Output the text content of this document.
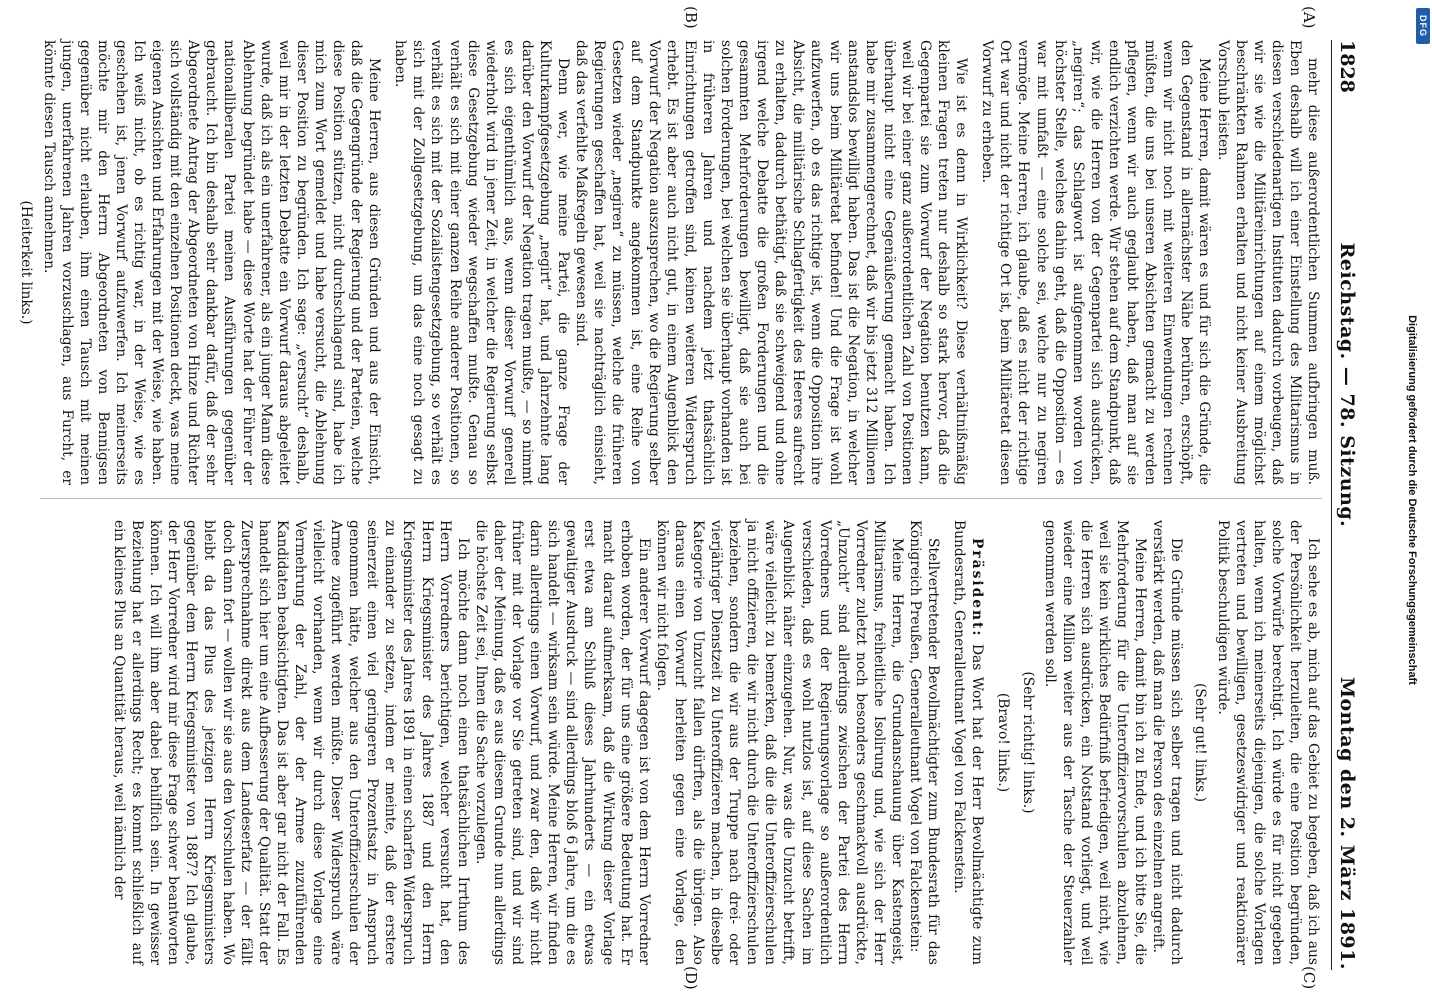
1828
Reichstag. — 78. Sitzung.
Montag den 2. März 1891.
(A)
(B)
(C)
(D)

mehr diese außerordentlichen Summen aufbringen muß. Eben deshalb will ich einer Einstellung des Militarismus in diesen verschiedenartigen Instituten dadurch vorbeugen, daß wir sie wie die Militäreinrichtungen auf einem möglichst beschränkten Rahmen erhalten und nicht keiner Ausbreitung Vorschub leisten.

Meine Herren, damit wären es und für sich die Gründe, die den Gegenstand in allernächster Nähe berühren, erschöpft, wenn wir nicht noch mit weiteren Einwendungen rechnen müßten, die uns bei unseren Absichten gemacht zu werden pflegen, wenn wir auch geglaubt haben, daß man auf sie endlich verzichten werde. Wir stehen auf dem Standpunkt, daß wir, wie die Herren von der Gegenpartei sich ausdrücken, „negiren“; das Schlagwort ist aufgenommen worden von höchster Stelle, welches dahin geht, daß die Opposition — es war mit umfaßt — eine solche sei, welche nur zu negiren vermöge. Meine Herren, ich glaube, daß es nicht der richtige Ort war und nicht der richtige Ort ist, beim Militäretat diesen Vorwurf zu erheben.

Wie ist es denn in Wirklichkeit? Diese verhältnißmäßig kleinen Fragen treten nur deshalb so stark hervor, daß die Gegenpartei sie zum Vorwurf der Negation benutzen kann, weil wir bei einer ganz außerordentlichen Zahl von Positionen überhaupt nicht eine Gegenäußerung gemacht haben. Ich habe mir zusammengerechnet, daß wir bis jetzt 312 Millionen anstandslos bewilligt haben. Das ist die Negation, in welcher wir uns beim Militäretat befinden! Und die Frage ist wohl aufzuwerfen, ob es das richtige ist, wenn die Opposition ihre Absicht, die militärische Schlagfertigkeit des Heeres aufrecht zu erhalten, dadurch bethätigt, daß sie schweigend und ohne irgend welche Debatte die großen Forderungen und die gesammten Mehrforderungen bewilligt, daß sie auch bei solchen Forderungen, bei welchen sie überhaupt vorhanden ist in früheren Jahren und nachdem jetzt thatsächlich Einrichtungen getroffen sind, keinen weiteren Widerspruch erhebt. Es ist aber auch nicht gut, in einem Augenblick den Vorwurf der Negation auszusprechen, wo die Regierung selber auf dem Standpunkte angekommen ist, eine Reihe von Gesetzen wieder „negiren“ zu müssen, welche die früheren Regierungen geschaffen hat, weil sie nachträglich einsieht, daß das verfehlte Maßregeln gewesen sind.

Denn wer, wie meine Partei, die ganze Frage der Kulturkampfgesetzgebung „negirt“ hat, und Jahrzehnte lang darüber den Vorwurf der Negation tragen mußte, — so nimmt es sich eigenthümlich aus, wenn dieser Vorwurf generell wiederholt wird in jener Zeit, in welcher die Regierung selbst diese Gesetzgebung wieder wegschaffen mußte. Genau so verhält es sich mit einer ganzen Reihe anderer Positionen, so verhält es sich mit der Sozialistengesetzgebung, so verhält es sich mit der Zollgesetzgebung, um das eine noch gesagt zu haben.

Meine Herren, aus diesen Gründen und aus der Einsicht, daß die Gegengründe der Regierung und der Parteien, welche diese Position stützen, nicht durchschlagend sind, habe ich mich zum Wort gemeldet und habe versucht, die Ablehnung dieser Position zu begründen. Ich sage: „versucht“ deshalb, weil mir in der letzten Debatte ein Vorwurf daraus abgeleitet wurde, daß ich als ein unerfahrener, als ein junger Mann diese Ablehnung begründet habe — diese Worte hat der Führer der nationalliberalen Partei meinen Ausführungen gegenüber gebraucht. Ich bin deshalb sehr dankbar dafür, daß der sehr Abgeordnete Antrag der Abgeordneten von Hinze und Richter sich vollständig mit den einzelnen Positionen deckt, was meine eigenen Ansichten und Erfahrungen mit der Weise, wie haben. Ich weiß nicht, ob es richtig war, in der Weise, wie es geschehen ist, jenen Vorwurf aufzuwerfen. Ich meinerseits möchte mir den Herrn Abgeordneten von Bennigsen gegenüber nicht erlauben, ihm einen Tausch mit meinen jungen, unerfahrenen Jahren vorzuschlagen, aus Furcht, er könnte diesen Tausch annehmen.

(Heiterkeit links.)

Ich sehe es ab, mich auf das Gebiet zu begeben, daß ich aus der Persönlichkeit herzuleiten, die eine Position begründen, solche Vorwürfe berechtigt. Ich würde es für nicht gegeben halten, wenn ich meinerseits diejenigen, die solche Vorlagen vertreten und bewilligen, gesetzeswidriger und reaktionärer Politik beschuldigen würde.

(Sehr gut! links.)

Die Gründe müssen sich selber tragen und nicht dadurch verstärkt werden, daß man die Person des einzelnen angreift.

Meine Herren, damit bin ich zu Ende, und ich bitte Sie, die Mehrforderung für die Unteroffiziervorschulen abzulehnen, weil sie kein wirkliches Bedürfniß befriedigen, weil nicht, wie die Herren sich ausdrücken, ein Notstand vorliegt, und weil wieder eine Million weiter aus der Tasche der Steuerzahler genommen werden soll.

(Sehr richtig! links.)

(Bravo! links.)

Präsident: Das Wort hat der Herr Bevollmächtigte zum Bundesrath, Generalleutnant Vogel von Falckenstein.

Stellvertretender Bevollmächtigter zum Bundesrath für das Königreich Preußen, Generalleutnant Vogel von Falckenstein:

Meine Herren, die Grundanschauung über Kastengeist, Militarismus, freiheitliche Isolirung und, wie sich der Herr Vorredner zuletzt noch besonders geschmackvoll ausdrückte, „Unzucht“ sind allerdings zwischen der Partei des Herrn Vorredners und der Regierungsvorlage so außerordentlich verschieden, daß es wohl nutzlos ist, auf diese Sachen im Augenblick näher einzugehen. Nur, was die Unzucht betrifft, wäre vielleicht zu bemerken, daß die die Unteroffizierschulen ja nicht offizieren, die wir nicht durch die Unteroffizierschulen beziehen, sondern die wir aus der Truppe nach drei- oder vierjähriger Dienstzeit zu Unteroffizieren machen, in dieselbe Kategorie von Unzucht fallen dürften, als die übrigen. Also daraus einen Vorwurf herleiten gegen eine Vorlage, den können wir nicht folgen.

Ein anderer Vorwurf dagegen ist von dem Herrn Vorredner erhoben worden, der für uns eine größere Bedeutung hat. Er macht darauf aufmerksam, daß die Wirkung dieser Vorlage erst etwa am Schluß dieses Jahrhunderts — ein etwas gewaltiger Ausdruck — sind allerdings bloß 6 Jahre, um die es sich handelt — wirksam sein würde. Meine Herren, wir finden darin allerdings einen Vorwurf, und zwar den, daß wir nicht früher mit der Vorlage vor Sie getreten sind, und wir sind daher der Meinung, daß es aus diesem Grunde nun allerdings die höchste Zeit sei, Ihnen die Sache vorzulegen.

Ich möchte dann noch einen thatsächlichen Irrthum des Herrn Vorredners berichtigen, welcher versucht hat, den Herrn Kriegsminister des Jahres 1887 und den Herrn Kriegsminister des Jahres 1891 in einen scharfen Widerspruch zu einander zu setzen, indem er meinte, daß der erstere seinerzeit einen viel geringeren Prozentsatz in Anspruch genommen hätte, welcher aus den Unteroffizierschulen der Armee zugeführt werden müßte. Dieser Widerspruch wäre vielleicht vorhanden, wenn wir durch diese Vorlage eine Vermehrung der Zahl, der der Armee zuzuführenden Kandidaten beabsichtigten. Das ist aber gar nicht der Fall. Es handelt sich hier um eine Aufbesserung der Qualität. Statt der Zuersprechnahme direkt aus dem Landeserfatz — der fällt doch dann fort — wollen wir sie aus den Vorschulen haben. Wo bleibt da das Plus des jetzigen Herrn Kriegsministers gegenüber dem Herrn Kriegsminister von 1887? Ich glaube, der Herr Vorredner wird mir diese Frage schwer beantworten können. Ich will ihm aber dabei behilflich sein. In gewisser Beziehung hat er allerdings Recht; es kommt schließlich auf ein kleines Plus an Quantität heraus, weil nämlich der

Digitalisierung gefördert durch die Deutsche Forschungsgemeinschaft
DFG
